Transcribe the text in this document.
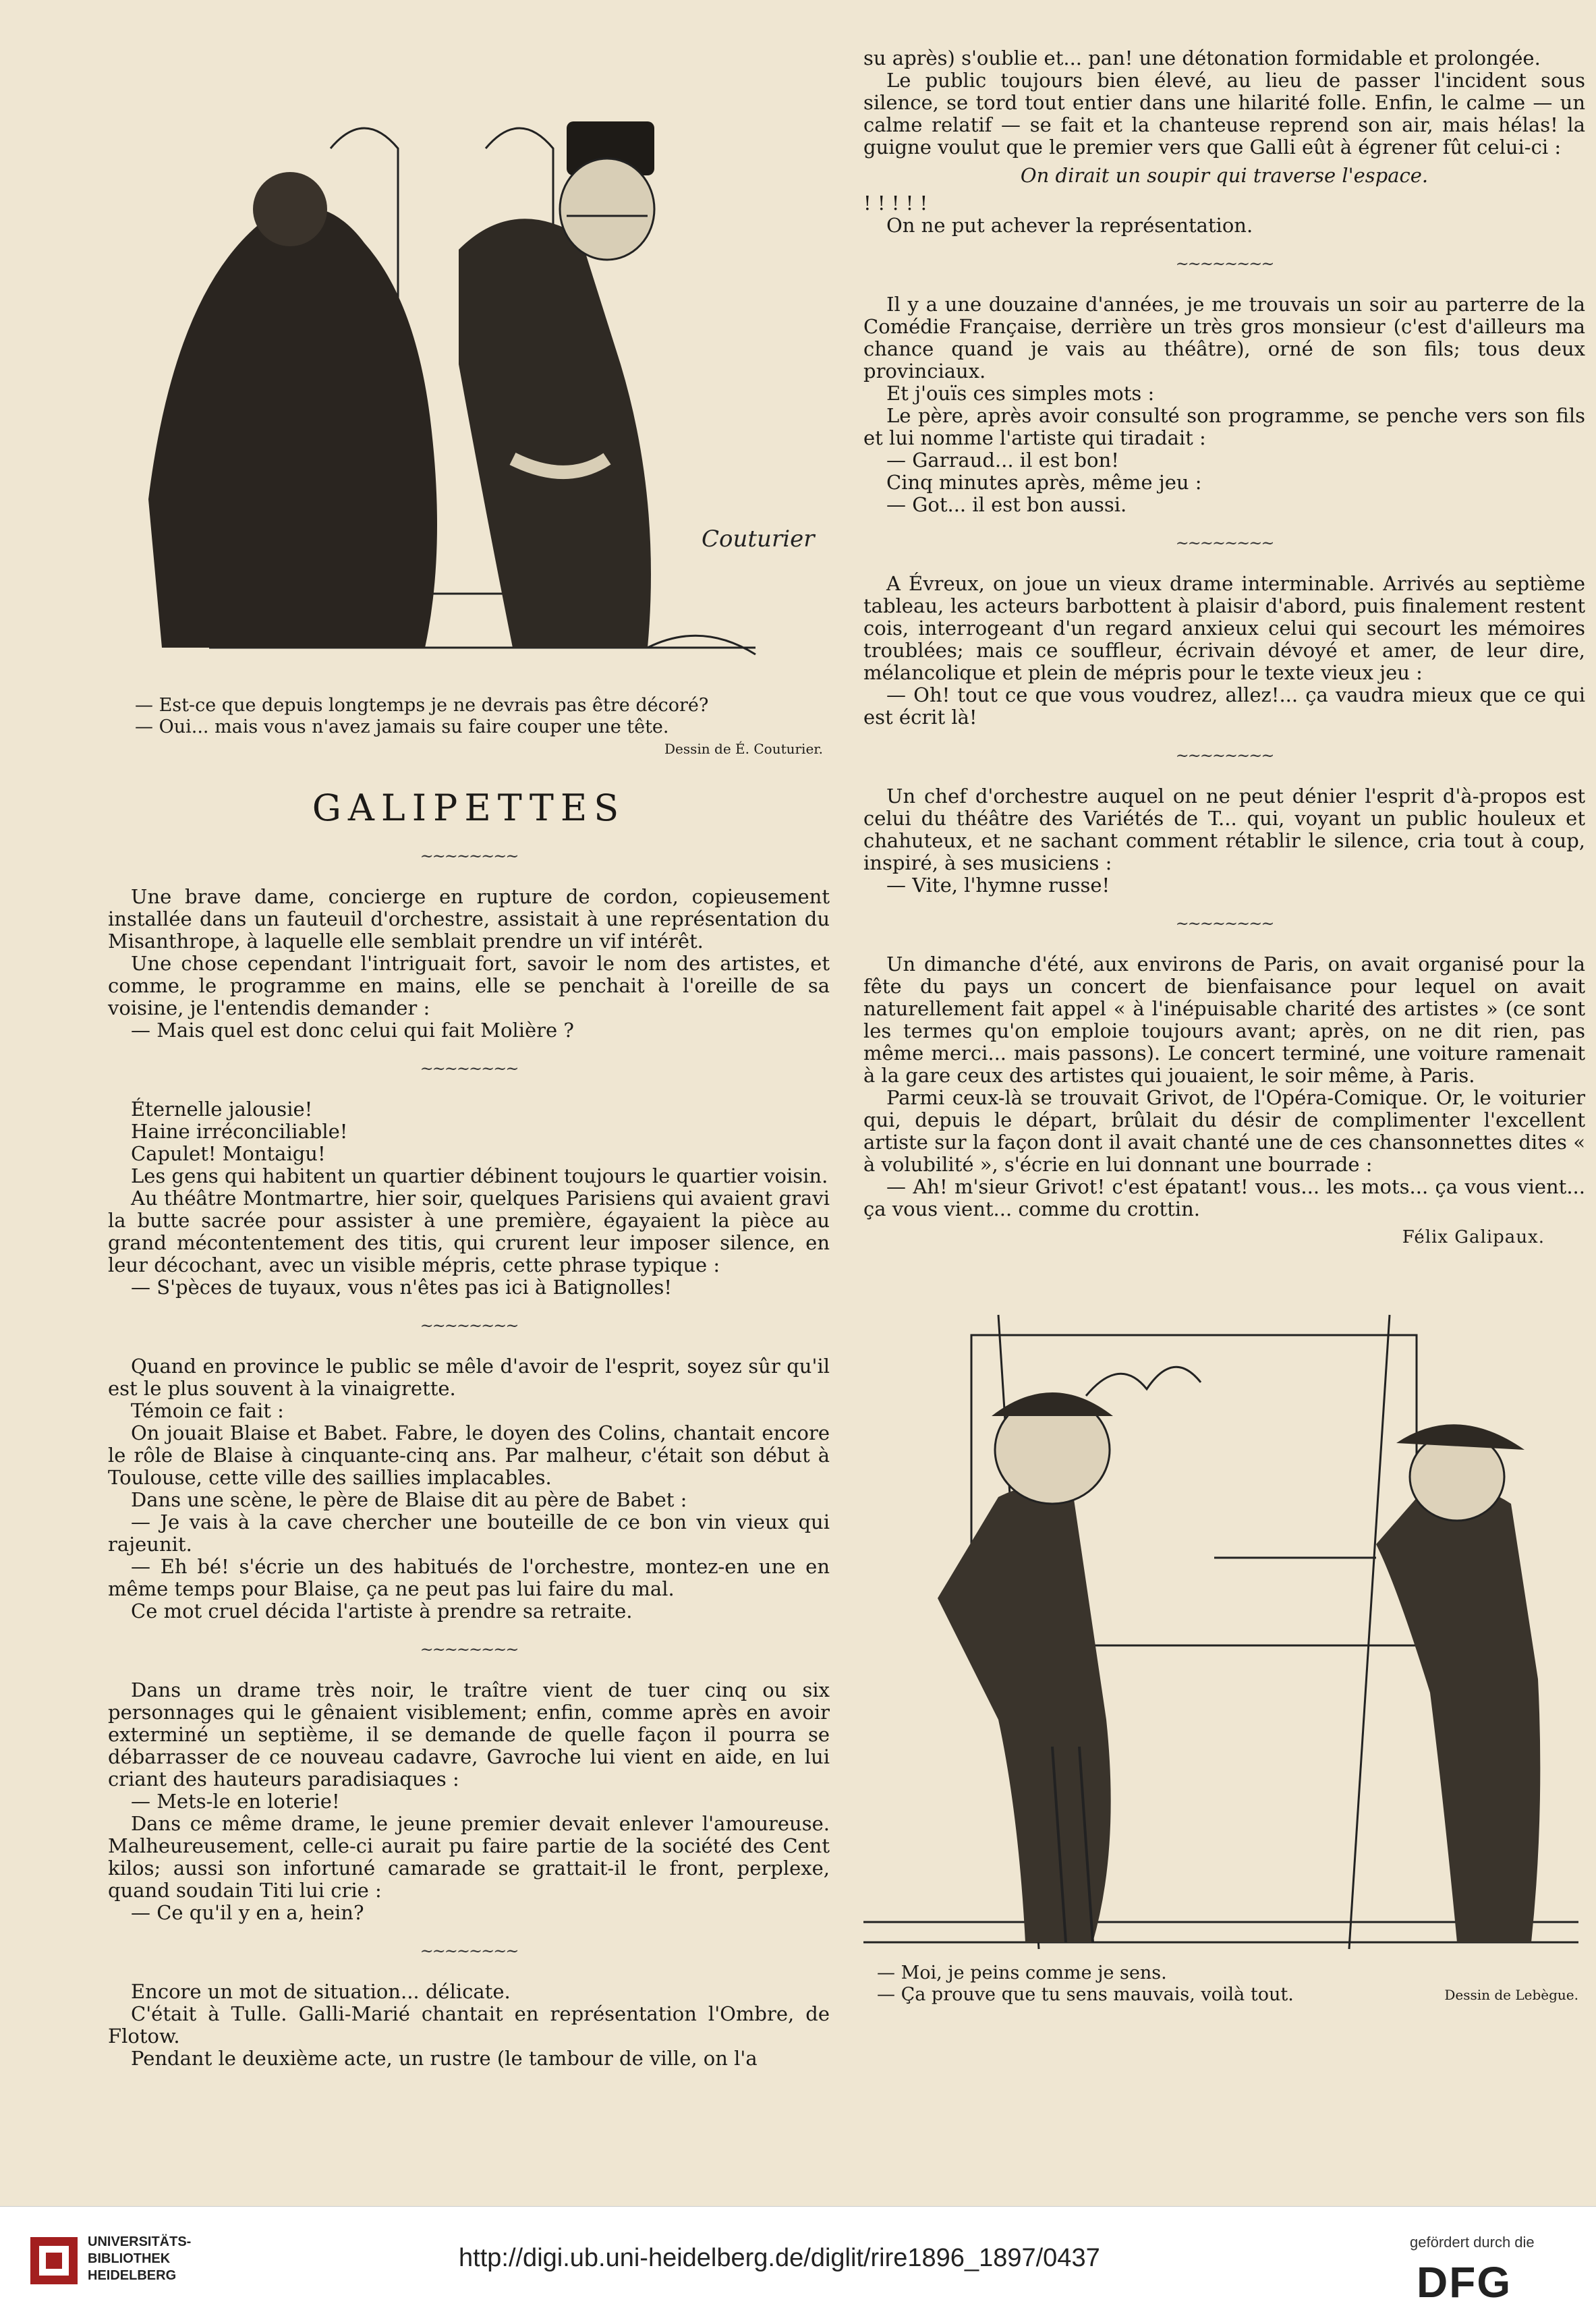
Couturier
— Est-ce que depuis longtemps je ne devrais pas être décoré?
— Oui... mais vous n'avez jamais su faire couper une tête.
Dessin de É. Couturier.
GALIPETTES
~~~~~~~~

Une brave dame, concierge en rupture de cordon, copieusement installée dans un fauteuil d'orchestre, assistait à une représentation du Misanthrope, à laquelle elle semblait prendre un vif intérêt.

Une chose cependant l'intriguait fort, savoir le nom des artistes, et comme, le programme en mains, elle se penchait à l'oreille de sa voisine, je l'entendis demander :

— Mais quel est donc celui qui fait Molière ?

~~~~~~~~

Éternelle jalousie!

Haine irréconciliable!

Capulet! Montaigu!

Les gens qui habitent un quartier débinent toujours le quartier voisin.

Au théâtre Montmartre, hier soir, quelques Parisiens qui avaient gravi la butte sacrée pour assister à une première, égayaient la pièce au grand mécontentement des titis, qui crurent leur imposer silence, en leur décochant, avec un visible mépris, cette phrase typique :

— S'pèces de tuyaux, vous n'êtes pas ici à Batignolles!

~~~~~~~~

Quand en province le public se mêle d'avoir de l'esprit, soyez sûr qu'il est le plus souvent à la vinaigrette.

Témoin ce fait :

On jouait Blaise et Babet. Fabre, le doyen des Colins, chantait encore le rôle de Blaise à cinquante-cinq ans. Par malheur, c'était son début à Toulouse, cette ville des saillies implacables.

Dans une scène, le père de Blaise dit au père de Babet :

— Je vais à la cave chercher une bouteille de ce bon vin vieux qui rajeunit.

— Eh bé! s'écrie un des habitués de l'orchestre, montez-en une en même temps pour Blaise, ça ne peut pas lui faire du mal.

Ce mot cruel décida l'artiste à prendre sa retraite.

~~~~~~~~

Dans un drame très noir, le traître vient de tuer cinq ou six personnages qui le gênaient visiblement; enfin, comme après en avoir exterminé un septième, il se demande de quelle façon il pourra se débarrasser de ce nouveau cadavre, Gavroche lui vient en aide, en lui criant des hauteurs paradisiaques :

— Mets-le en loterie!

Dans ce même drame, le jeune premier devait enlever l'amoureuse. Malheureusement, celle-ci aurait pu faire partie de la société des Cent kilos; aussi son infortuné camarade se grattait-il le front, perplexe, quand soudain Titi lui crie :

— Ce qu'il y en a, hein?

~~~~~~~~

Encore un mot de situation... délicate.

C'était à Tulle. Galli-Marié chantait en représentation l'Ombre, de Flotow.

Pendant le deuxième acte, un rustre (le tambour de ville, on l'a

su après) s'oublie et... pan! une détonation formidable et prolongée.

Le public toujours bien élevé, au lieu de passer l'incident sous silence, se tord tout entier dans une hilarité folle. Enfin, le calme — un calme relatif — se fait et la chanteuse reprend son air, mais hélas! la guigne voulut que le premier vers que Galli eût à égrener fût celui-ci :

On dirait un soupir qui traverse l'espace.

! ! ! ! !

On ne put achever la représentation.

~~~~~~~~

Il y a une douzaine d'années, je me trouvais un soir au parterre de la Comédie Française, derrière un très gros monsieur (c'est d'ailleurs ma chance quand je vais au théâtre), orné de son fils; tous deux provinciaux.

Et j'ouïs ces simples mots :

Le père, après avoir consulté son programme, se penche vers son fils et lui nomme l'artiste qui tiradait :

— Garraud... il est bon!

Cinq minutes après, même jeu :

— Got... il est bon aussi.

~~~~~~~~

A Évreux, on joue un vieux drame interminable. Arrivés au septième tableau, les acteurs barbottent à plaisir d'abord, puis finalement restent cois, interrogeant d'un regard anxieux celui qui secourt les mémoires troublées; mais ce souffleur, écrivain dévoyé et amer, de leur dire, mélancolique et plein de mépris pour le texte vieux jeu :

— Oh! tout ce que vous voudrez, allez!... ça vaudra mieux que ce qui est écrit là!

~~~~~~~~

Un chef d'orchestre auquel on ne peut dénier l'esprit d'à-propos est celui du théâtre des Variétés de T... qui, voyant un public houleux et chahuteux, et ne sachant comment rétablir le silence, cria tout à coup, inspiré, à ses musiciens :

— Vite, l'hymne russe!

~~~~~~~~

Un dimanche d'été, aux environs de Paris, on avait organisé pour la fête du pays un concert de bienfaisance pour lequel on avait naturellement fait appel « à l'inépuisable charité des artistes » (ce sont les termes qu'on emploie toujours avant; après, on ne dit rien, pas même merci... mais passons). Le concert terminé, une voiture ramenait à la gare ceux des artistes qui jouaient, le soir même, à Paris.

Parmi ceux-là se trouvait Grivot, de l'Opéra-Comique. Or, le voiturier qui, depuis le départ, brûlait du désir de complimenter l'excellent artiste sur la façon dont il avait chanté une de ces chansonnettes dites « à volubilité », s'écrie en lui donnant une bourrade :

— Ah! m'sieur Grivot! c'est épatant! vous... les mots... ça vous vient... ça vous vient... comme du crottin.

Félix Galipaux.
— Moi, je peins comme je sens.
— Ça prouve que tu sens mauvais, voilà tout.	Dessin de Lebègue.
UNIVERSITÄTS-
BIBLIOTHEK
HEIDELBERG
http://digi.ub.uni-heidelberg.de/diglit/rire1896_1897/0437
gefördert durch die
DFG
